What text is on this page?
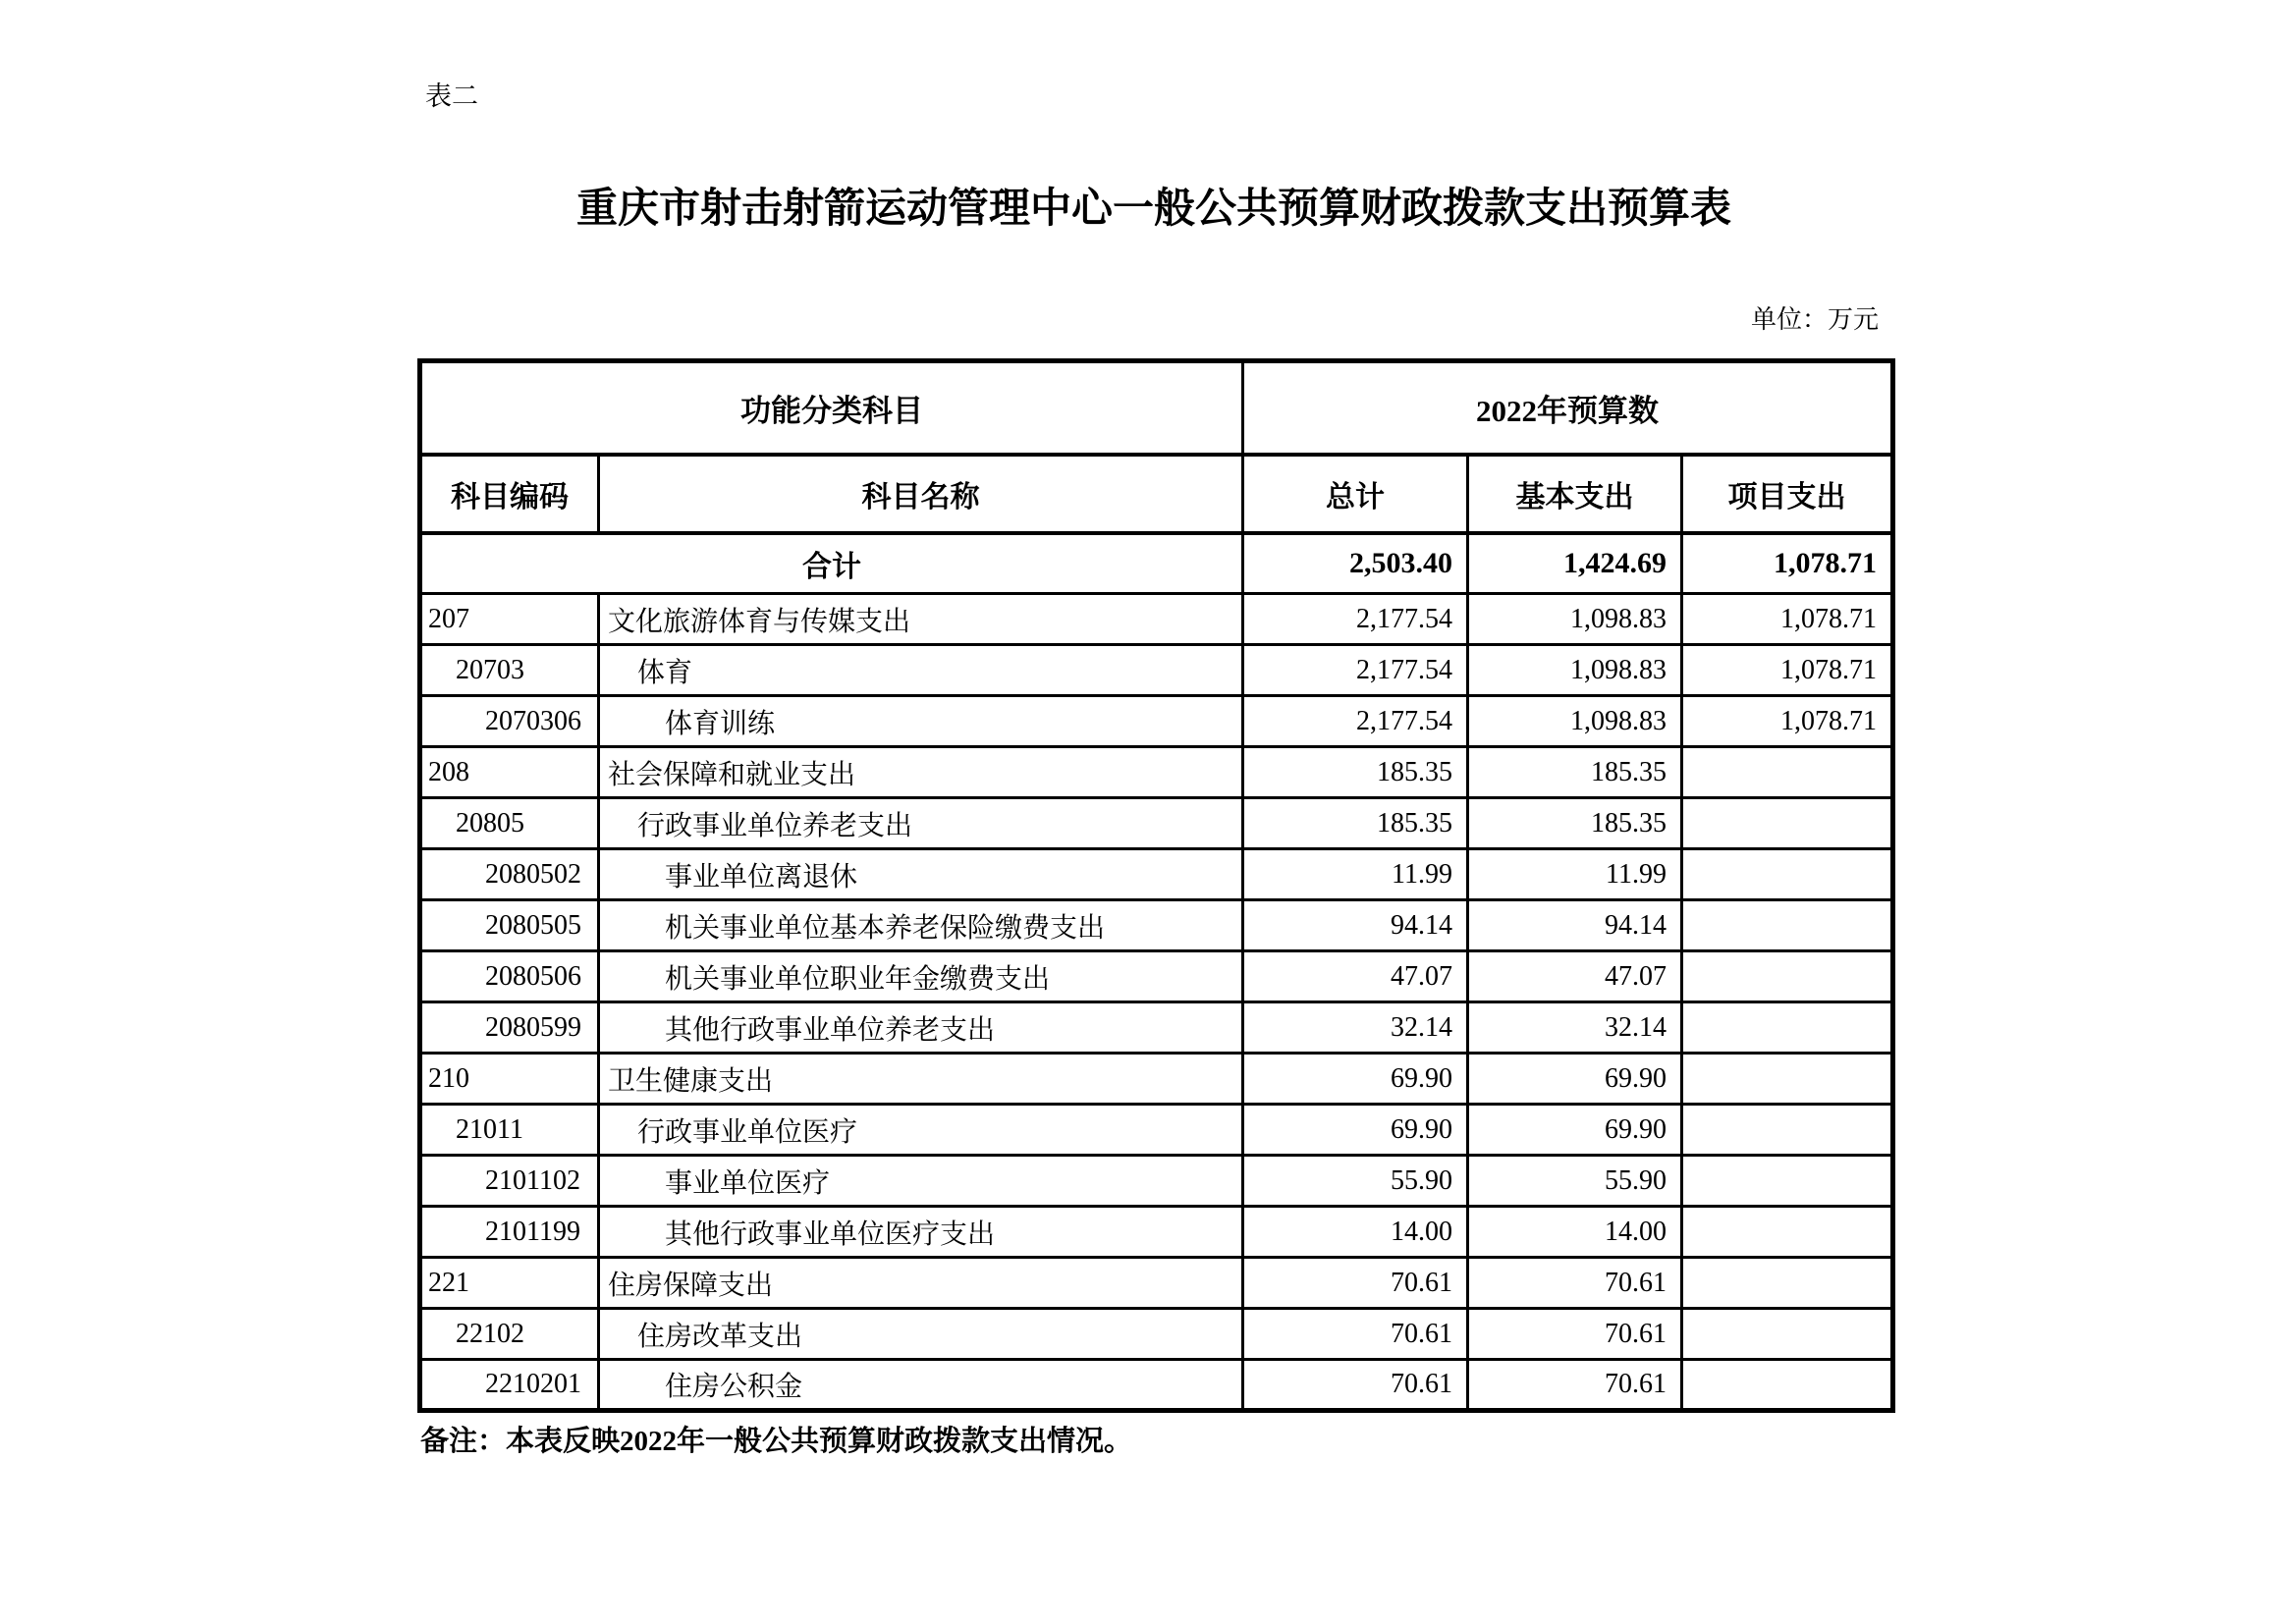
表二
重庆市射击射箭运动管理中心一般公共预算财政拨款支出预算表
单位：万元
功能分类科目		2022年预算数		
科目编码	科目名称	总计	基本支出	项目支出
合计		2,503.40	1,424.69	1,078.71
207	文化旅游体育与传媒支出	2,177.54	1,098.83	1,078.71
20703	体育	2,177.54	1,098.83	1,078.71
2070306	体育训练	2,177.54	1,098.83	1,078.71
208	社会保障和就业支出	185.35	185.35	
20805	行政事业单位养老支出	185.35	185.35	
2080502	事业单位离退休	11.99	11.99	
2080505	机关事业单位基本养老保险缴费支出	94.14	94.14	
2080506	机关事业单位职业年金缴费支出	47.07	47.07	
2080599	其他行政事业单位养老支出	32.14	32.14	
210	卫生健康支出	69.90	69.90	
21011	行政事业单位医疗	69.90	69.90	
2101102	事业单位医疗	55.90	55.90	
2101199	其他行政事业单位医疗支出	14.00	14.00	
221	住房保障支出	70.61	70.61	
22102	住房改革支出	70.61	70.61	
2210201	住房公积金	70.61	70.61	
备注：本表反映2022年一般公共预算财政拨款支出情况。
